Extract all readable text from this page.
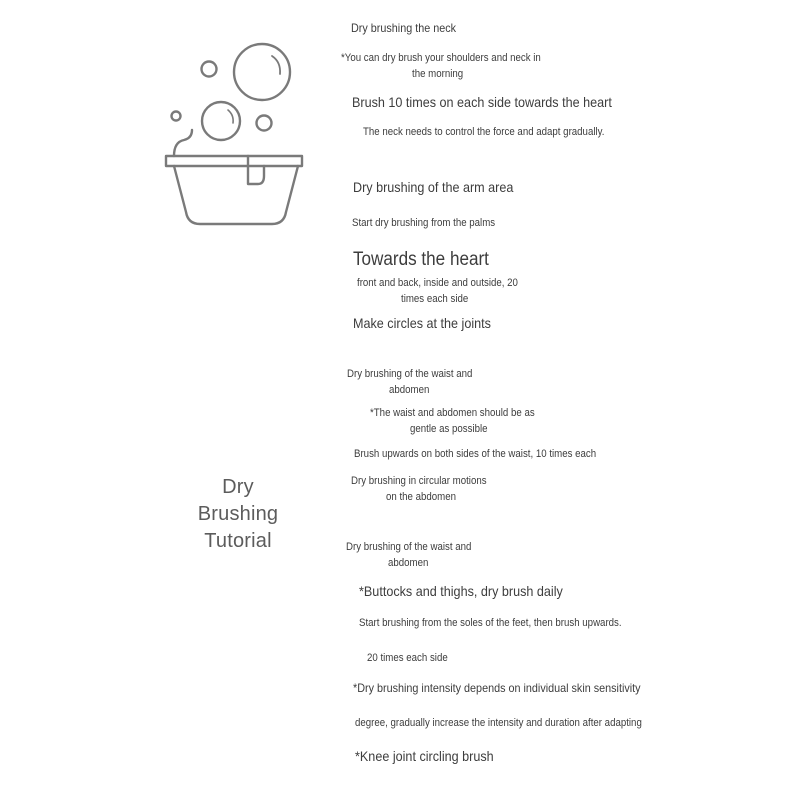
Dry
Brushing
Tutorial
Dry brushing the neck
*You can dry brush your shoulders and neck in
the morning
Brush 10 times on each side towards the heart
The neck needs to control the force and adapt gradually.
Dry brushing of the arm area
Start dry brushing from the palms
Towards the heart
front and back, inside and outside, 20
times each side
Make circles at the joints
Dry brushing of the waist and
abdomen
*The waist and abdomen should be as
gentle as possible
Brush upwards on both sides of the waist, 10 times each
Dry brushing in circular motions
on the abdomen
Dry brushing of the waist and
abdomen
*Buttocks and thighs, dry brush daily
Start brushing from the soles of the feet, then brush upwards.
20 times each side
*Dry brushing intensity depends on individual skin sensitivity
degree, gradually increase the intensity and duration after adapting
*Knee joint circling brush
